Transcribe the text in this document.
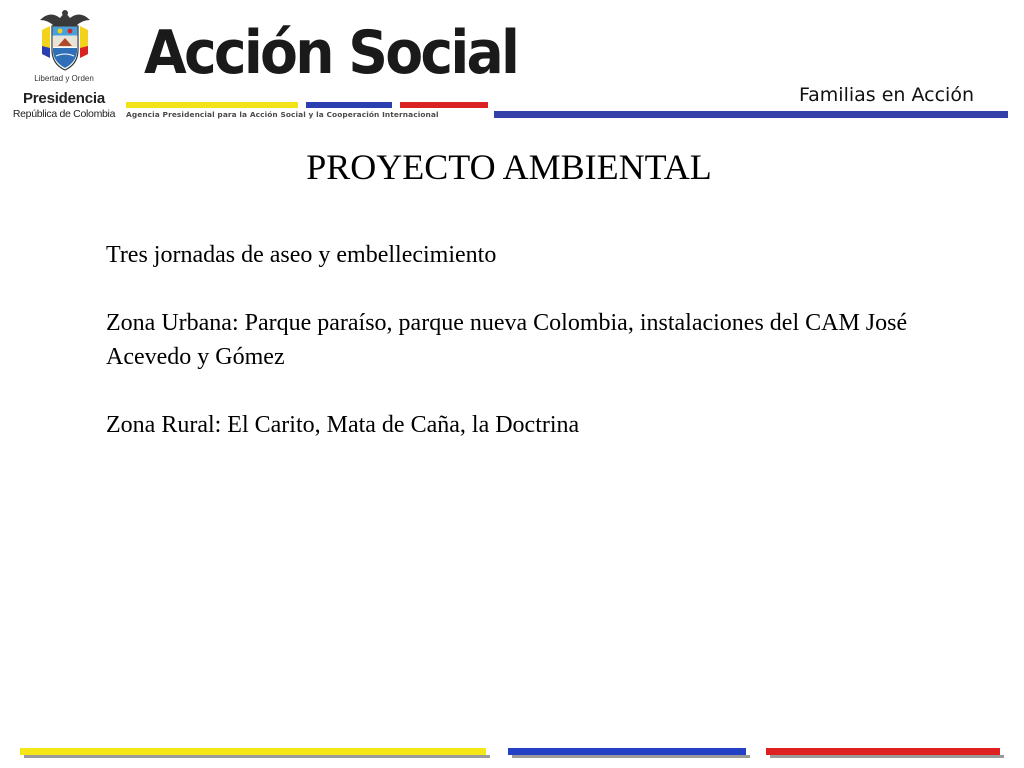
Libertad y Orden
Presidencia
República de Colombia
Acción Social
Agencia Presidencial para la Acción Social y la Cooperación Internacional
Familias en Acción
PROYECTO AMBIENTAL

Tres jornadas de aseo y embellecimiento

Zona Urbana: Parque paraíso, parque nueva Colombia, instalaciones del CAM José Acevedo y Gómez

Zona Rural: El Carito, Mata de Caña, la Doctrina
